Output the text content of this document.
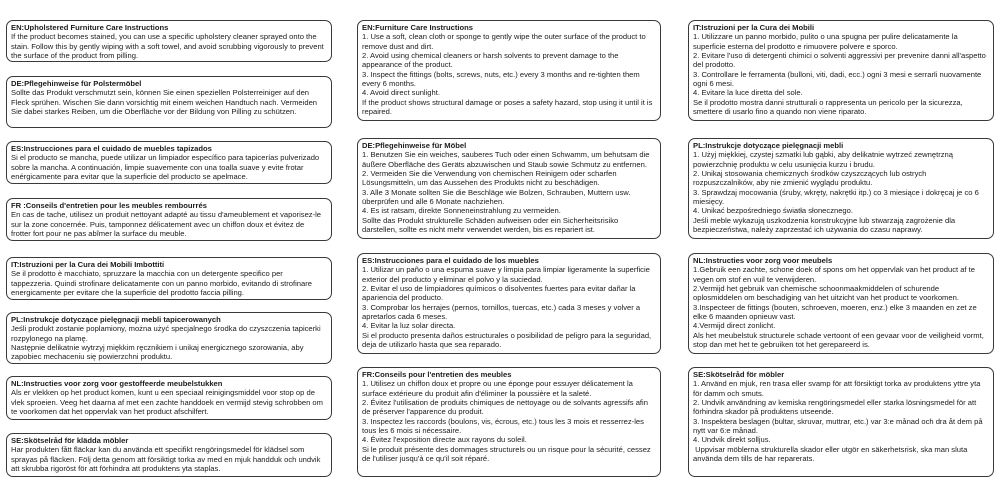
EN:Upholstered Furniture Care Instructions
If the product becomes stained, you can use a specific upholstery cleaner sprayed onto the stain. Follow this by gently wiping with a soft towel, and avoid scrubbing vigorously to prevent the surface of the product from pilling.
DE:Pflegehinweise für Polstermöbel
Sollte das Produkt verschmutzt sein, können Sie einen speziellen Polsterreiniger auf den Fleck sprühen. Wischen Sie dann vorsichtig mit einem weichen Handtuch nach. Vermeiden Sie dabei starkes Reiben, um die Oberfläche vor der Bildung von Pilling zu schützen.
ES:Instrucciones para el cuidado de muebles tapizados
Si el producto se mancha, puede utilizar un limpiador específico para tapicerías pulverizado sobre la mancha. A continuación, limpie suavemente con una toalla suave y evite frotar enérgicamente para evitar que la superficie del producto se apelmace.
FR :Conseils d'entretien pour les meubles rembourrés
En cas de tache, utilisez un produit nettoyant adapté au tissu d'ameublement et vaporisez-le sur la zone concernée. Puis, tamponnez délicatement avec un chiffon doux et évitez de frotter fort pour ne pas abîmer la surface du meuble.
IT:Istruzioni per la Cura dei Mobili Imbottiti
Se il prodotto è macchiato, spruzzare la macchia con un detergente specifico per tappezzeria. Quindi strofinare delicatamente con un panno morbido, evitando di strofinare energicamente per evitare che la superficie del prodotto faccia pilling.
PL:Instrukcje dotyczące pielęgnacji mebli tapicerowanych
Jeśli produkt zostanie poplamiony, można użyć specjalnego środka do czyszczenia tapicerki rozpylonego na plamę.
Następnie delikatnie wytrzyj miękkim ręcznikiem i unikaj energicznego szorowania, aby zapobiec mechaceniu się powierzchni produktu.
NL:Instructies voor zorg voor gestoffeerde meubelstukken
Als er vlekken op het product komen, kunt u een speciaal reinigingsmiddel voor stop op de vlek sproeien. Veeg het daarna af met een zachte handdoek en vermijd stevig schrobben om te voorkomen dat het oppervlak van het product afschilfert.
SE:Skötselråd för klädda möbler
Har produkten fått fläckar kan du använda ett specifikt rengöringsmedel för klädsel som sprayas på fläcken. Följ detta genom att försiktigt torka av med en mjuk handduk och undvik att skrubba rigoröst för att förhindra att produktens yta staplas.
EN:Furniture Care Instructions
1. Use a soft, clean cloth or sponge to gently wipe the outer surface of the product to remove dust and dirt.
2. Avoid using chemical cleaners or harsh solvents to prevent damage to the appearance of the product.
3. Inspect the fittings (bolts, screws, nuts, etc.) every 3 months and re-tighten them every 6 months.
4. Avoid direct sunlight.
If the product shows structural damage or poses a safety hazard, stop using it until it is repaired.
DE:Pflegehinweise für Möbel
1. Benutzen Sie ein weiches, sauberes Tuch oder einen Schwamm, um behutsam die äußere Oberfläche des Geräts abzuwischen und Staub sowie Schmutz zu entfernen.
2. Vermeiden Sie die Verwendung von chemischen Reinigern oder scharfen Lösungsmitteln, um das Aussehen des Produkts nicht zu beschädigen.
3. Alle 3 Monate sollten Sie die Beschläge wie Bolzen, Schrauben, Muttern usw. überprüfen und alle 6 Monate nachziehen.
4. Es ist ratsam, direkte Sonneneinstrahlung zu vermeiden.
Sollte das Produkt strukturelle Schäden aufweisen oder ein Sicherheitsrisiko darstellen, sollte es nicht mehr verwendet werden, bis es repariert ist.
ES:Instrucciones para el cuidado de los muebles
1. Utilizar un paño o una espuma suave y limpia para limpiar ligeramente la superficie exterior del producto y eliminar el polvo y la suciedad.
2. Evitar el uso de limpiadores químicos o disolventes fuertes para evitar dañar la apariencia del producto.
3. Comprobar los herrajes (pernos, tornillos, tuercas, etc.) cada 3 meses y volver a apretarlos cada 6 meses.
4. Evitar la luz solar directa.
Si el producto presenta daños estructurales o posibilidad de peligro para la seguridad, deja de utilizarlo hasta que sea reparado.
FR:Conseils pour l'entretien des meubles
1. Utilisez un chiffon doux et propre ou une éponge pour essuyer délicatement la surface extérieure du produit afin d'éliminer la poussière et la saleté.
2. Évitez l'utilisation de produits chimiques de nettoyage ou de solvants agressifs afin de préserver l'apparence du produit.
3. Inspectez les raccords (boulons, vis, écrous, etc.) tous les 3 mois et resserrez-les tous les 6 mois si nécessaire.
4. Évitez l'exposition directe aux rayons du soleil.
Si le produit présente des dommages structurels ou un risque pour la sécurité, cessez de l'utiliser jusqu'à ce qu'il soit réparé.
IT:Istruzioni per la Cura dei Mobili
1. Utilizzare un panno morbido, pulito o una spugna per pulire delicatamente la superficie esterna del prodotto e rimuovere polvere e sporco.
2. Evitare l'uso di detergenti chimici o solventi aggressivi per prevenire danni all'aspetto del prodotto.
3. Controllare le ferramenta (bulloni, viti, dadi, ecc.) ogni 3 mesi e serrarli nuovamente ogni 6 mesi.
4. Evitare la luce diretta del sole.
Se il prodotto mostra danni strutturali o rappresenta un pericolo per la sicurezza, smettere di usarlo fino a quando non viene riparato.
PL:Instrukcje dotyczące pielęgnacji mebli
1. Użyj miękkiej, czystej szmatki lub gąbki, aby delikatnie wytrzeć zewnętrzną powierzchnię produktu w celu usunięcia kurzu i brudu.
2. Unikaj stosowania chemicznych środków czyszczących lub ostrych rozpuszczalników, aby nie zmienić wyglądu produktu.
3. Sprawdzaj mocowania (śruby, wkręty, nakrętki itp.) co 3 miesiące i dokręcaj je co 6 miesięcy.
4. Unikać bezpośredniego światła słonecznego.
Jeśli meble wykazują uszkodzenia konstrukcyjne lub stwarzają zagrożenie dla bezpieczeństwa, należy zaprzestać ich używania do czasu naprawy.
NL:Instructies voor zorg voor meubels
1.Gebruik een zachte, schone doek of spons om het oppervlak van het product af te vegen om stof en vuil te verwijderen.
2.Vermijd het gebruik van chemische schoonmaakmiddelen of schurende oplosmiddelen om beschadiging van het uitzicht van het product te voorkomen.
3.Inspecteer de fittings (bouten, schroeven, moeren, enz.) elke 3 maanden en zet ze elke 6 maanden opnieuw vast.
4.Vermijd direct zonlicht.
Als het meubelstuk structurele schade vertoont of een gevaar voor de veiligheid vormt, stop dan met het te gebruiken tot het gerepareerd is.
SE:Skötselråd för möbler
1. Använd en mjuk, ren trasa eller svamp för att försiktigt torka av produktens yttre yta för damm och smuts.
2. Undvik användning av kemiska rengöringsmedel eller starka lösningsmedel för att förhindra skador på produktens utseende.
3. Inspektera beslagen (bultar, skruvar, muttrar, etc.) var 3:e månad och dra åt dem på nytt var 6:e månad.
4. Undvik direkt solljus.
Uppvisar möblerna strukturella skador eller utgör en säkerhetsrisk, ska man sluta använda dem tills de har reparerats.
